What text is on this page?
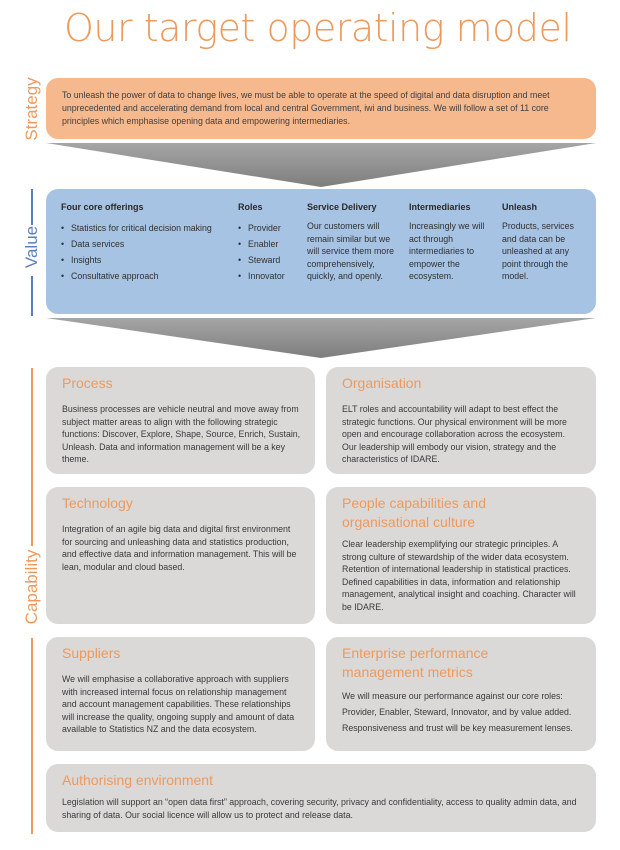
Our target operating model
Strategy
Value
Capability

To unleash the power of data to change lives, we must be able to operate at the speed of digital and data disruption and meet unprecedented and accelerating demand from local and central Government, iwi and business. We will follow a set of 11 core principles which emphasise opening data and empowering intermediaries.

Four core offerings
• Statistics for critical decision making
• Data services
• Insights
• Consultative approach
Roles
• Provider
• Enabler
• Steward
• Innovator
Service Delivery

Our customers will remain similar but we will service them more comprehensively, quickly, and openly.

Intermediaries

Increasingly we will act through intermediaries to empower the ecosystem.

Unleash

Products, services and data can be unleashed at any point through the model.

Process

Business processes are vehicle neutral and move away from subject matter areas to align with the following strategic functions: Discover, Explore, Shape, Source, Enrich, Sustain, Unleash. Data and information management will be a key theme.

Organisation

ELT roles and accountability will adapt to best effect the strategic functions. Our physical environment will be more open and encourage collaboration across the ecosystem. Our leadership will embody our vision, strategy and the characteristics of IDARE.

Technology

Integration of an agile big data and digital first environment for sourcing and unleashing data and statistics production, and effective data and information management. This will be lean, modular and cloud based.

People capabilities and organisational culture

Clear leadership exemplifying our strategic principles. A strong culture of stewardship of the wider data ecosystem. Retention of international leadership in statistical practices. Defined capabilities in data, information and relationship management, analytical insight and coaching. Character will be IDARE.

Suppliers

We will emphasise a collaborative approach with suppliers with increased internal focus on relationship management and account management capabilities. These relationships will increase the quality, ongoing supply and amount of data available to Statistics NZ and the data ecosystem.

Enterprise performance management metrics

We will measure our performance against our core roles: Provider, Enabler, Steward, Innovator, and by value added. Responsiveness and trust will be key measurement lenses.

Authorising environment

Legislation will support an “open data first” approach, covering security, privacy and confidentiality, access to quality admin data, and sharing of data. Our social licence will allow us to protect and release data.
